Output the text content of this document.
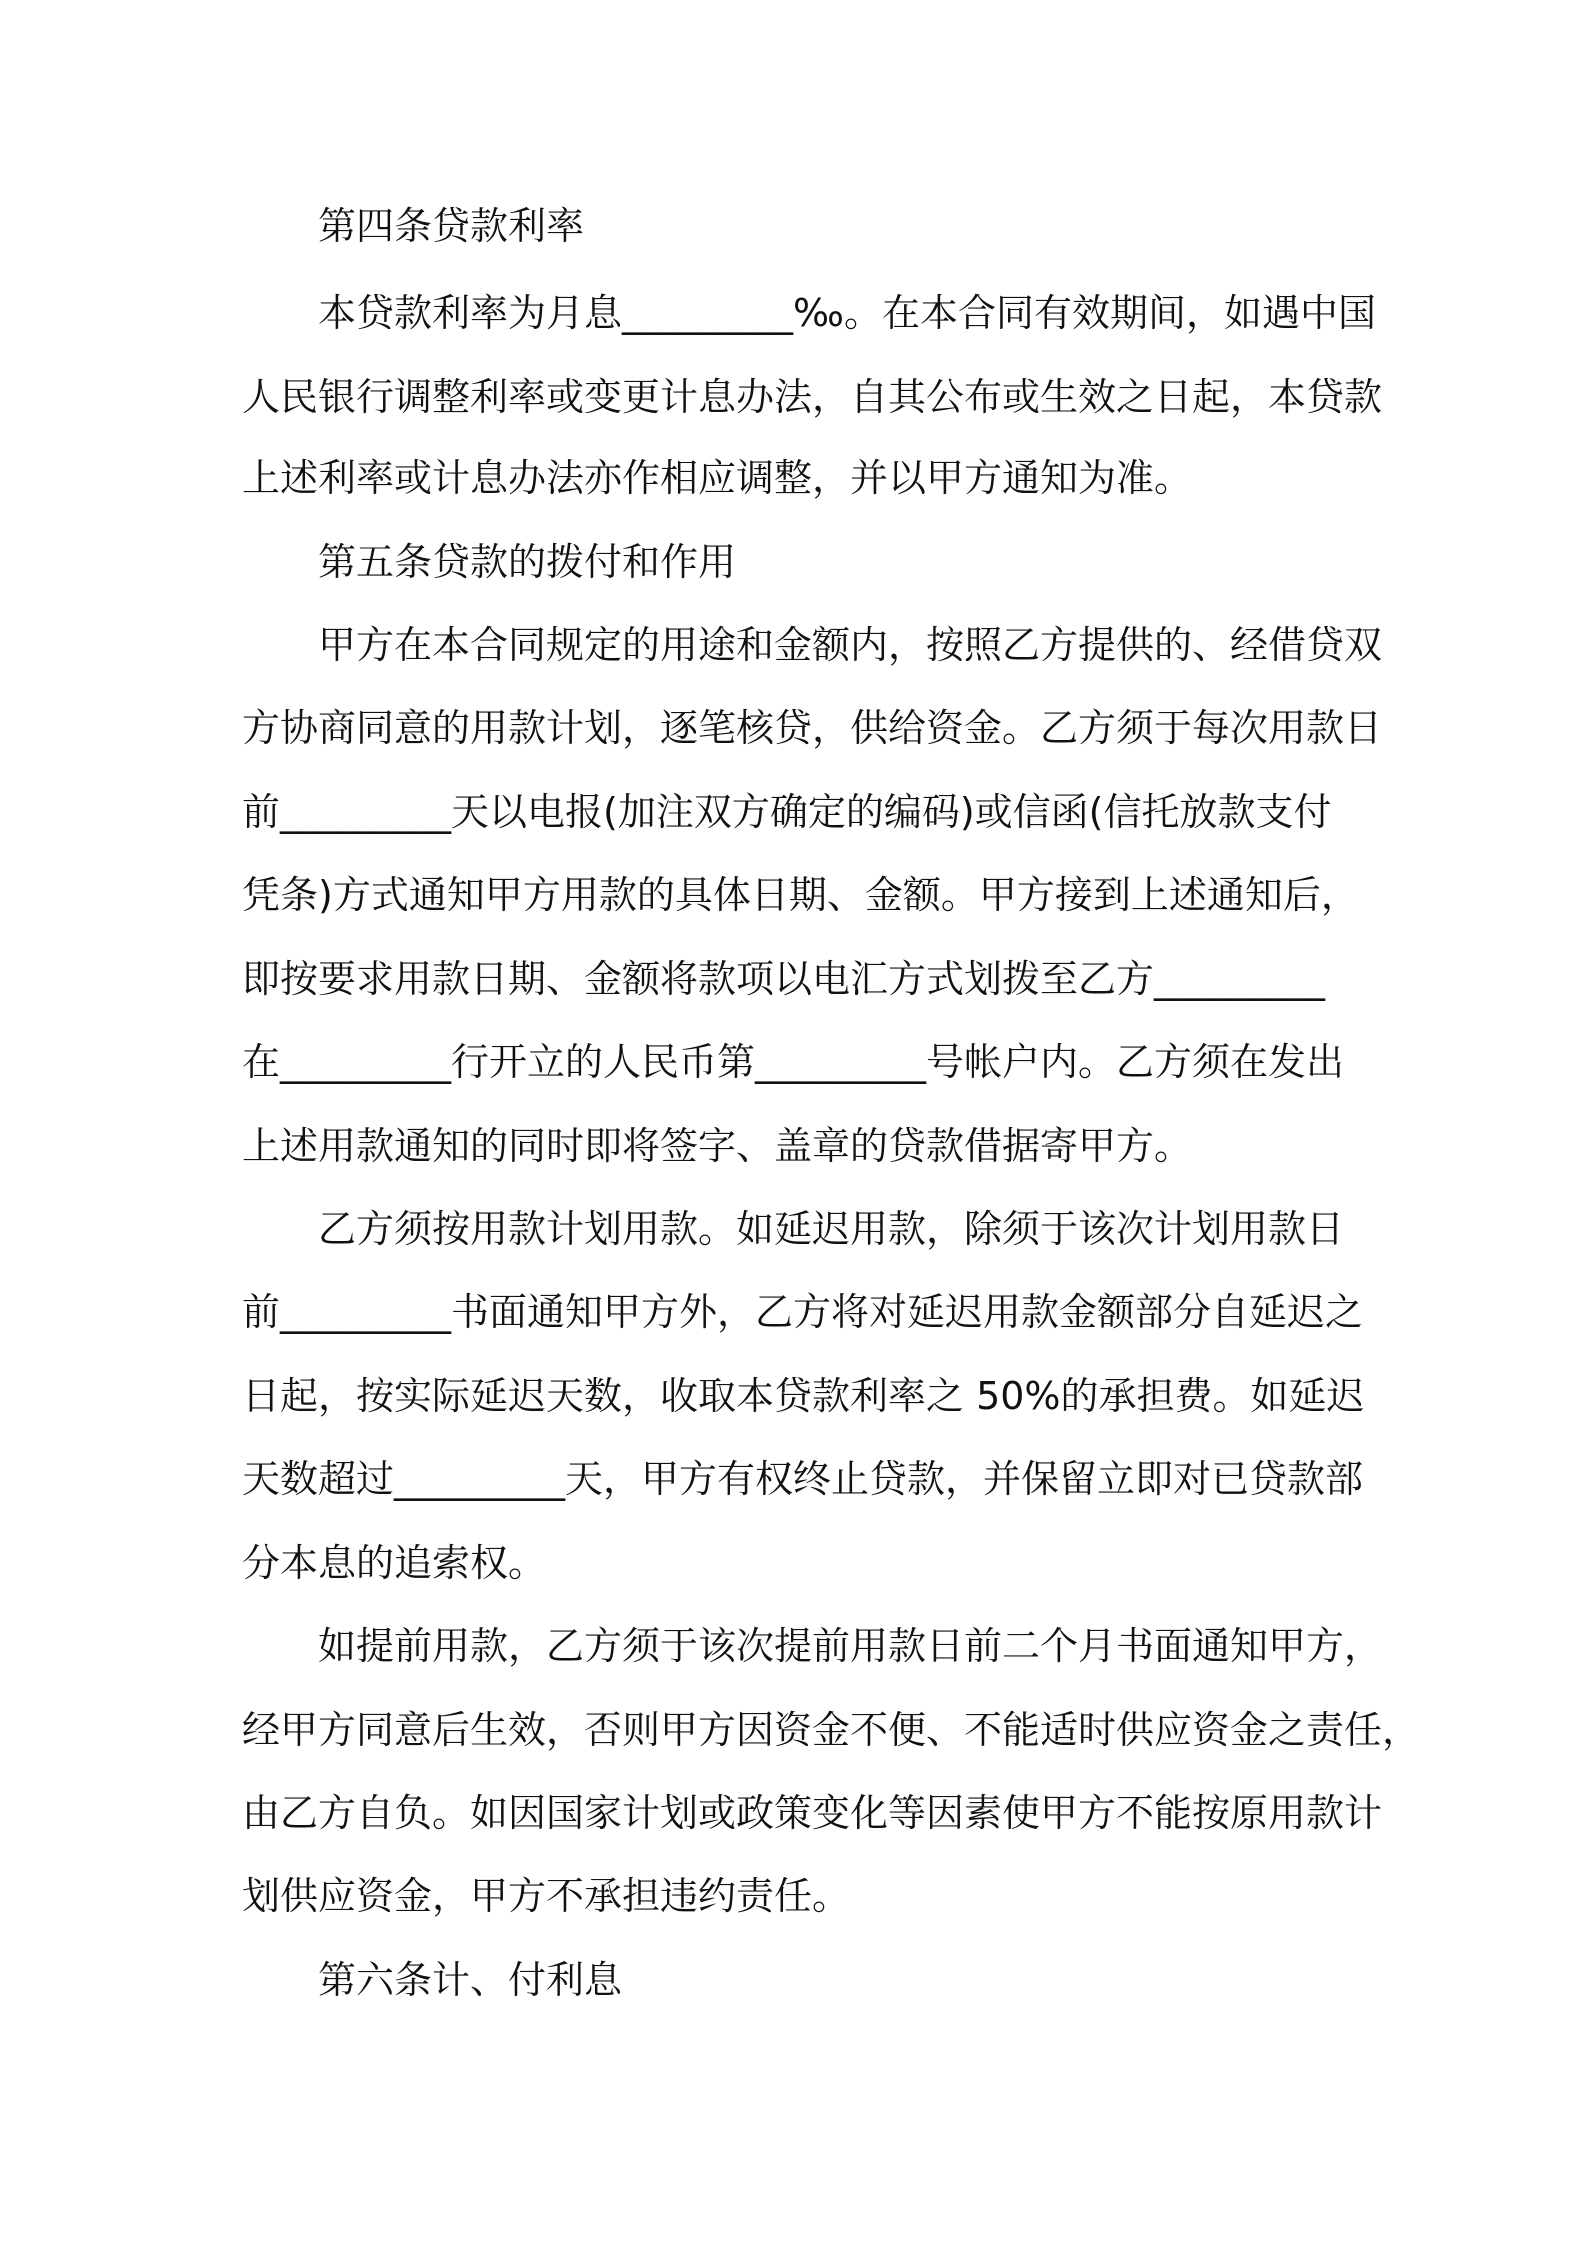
第四条贷款利率
本贷款利率为月息_________‰。在本合同有效期间，如遇中国
人民银行调整利率或变更计息办法，自其公布或生效之日起，本贷款
上述利率或计息办法亦作相应调整，并以甲方通知为准。
第五条贷款的拨付和作用
甲方在本合同规定的用途和金额内，按照乙方提供的、经借贷双
方协商同意的用款计划，逐笔核贷，供给资金。乙方须于每次用款日
前_________天以电报(加注双方确定的编码)或信函(信托放款支付
凭条)方式通知甲方用款的具体日期、金额。甲方接到上述通知后，
即按要求用款日期、金额将款项以电汇方式划拨至乙方_________
在_________行开立的人民币第_________号帐户内。乙方须在发出
上述用款通知的同时即将签字、盖章的贷款借据寄甲方。
乙方须按用款计划用款。如延迟用款，除须于该次计划用款日
前_________书面通知甲方外，乙方将对延迟用款金额部分自延迟之
日起，按实际延迟天数，收取本贷款利率之 50%的承担费。如延迟
天数超过_________天，甲方有权终止贷款，并保留立即对已贷款部
分本息的追索权。
如提前用款，乙方须于该次提前用款日前二个月书面通知甲方，
经甲方同意后生效，否则甲方因资金不便、不能适时供应资金之责任，
由乙方自负。如因国家计划或政策变化等因素使甲方不能按原用款计
划供应资金，甲方不承担违约责任。
第六条计、付利息
